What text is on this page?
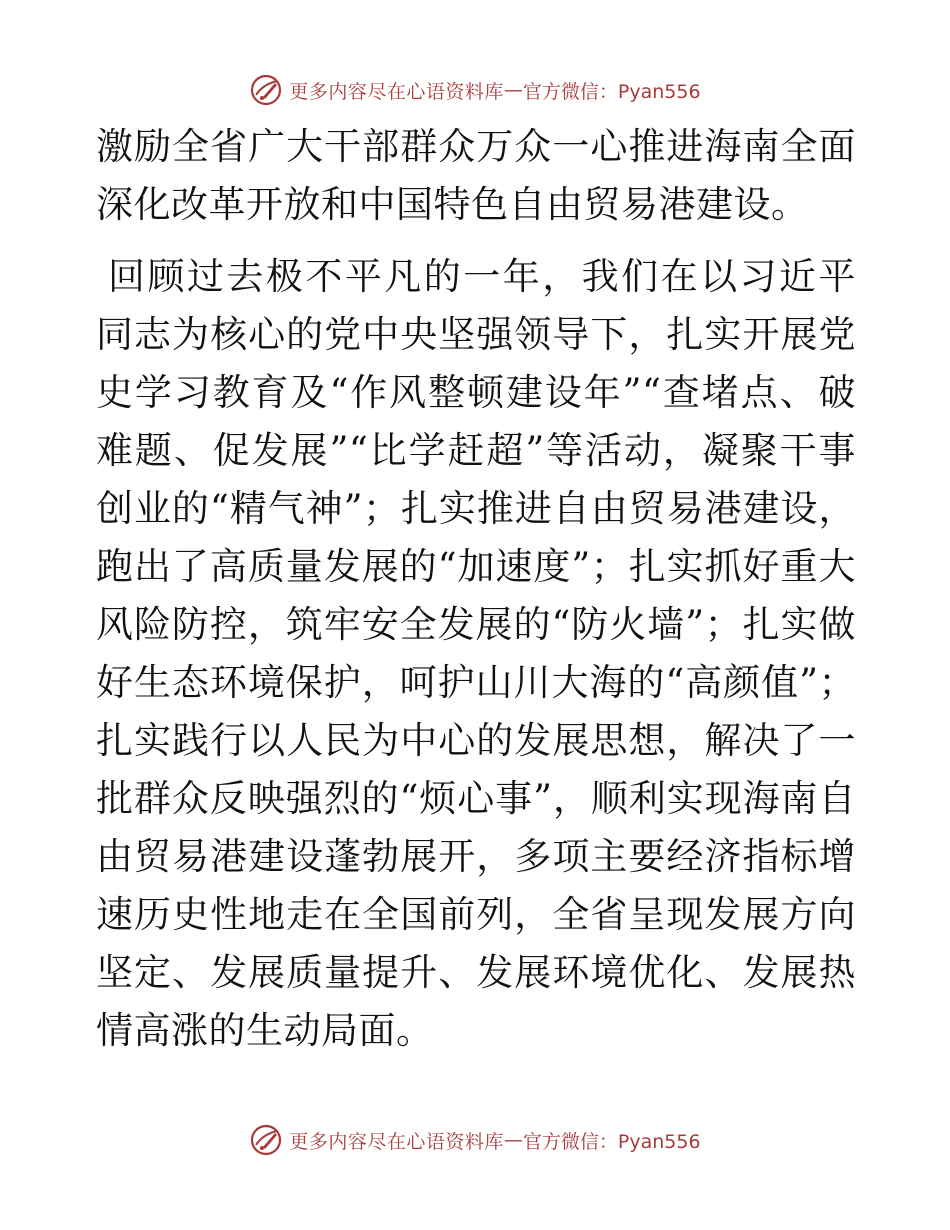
更多内容尽在心语资料库 — 官方微信：Pyan556

激励全省广大干部群众万众一心推进海南全面深化改革开放和中国特色自由贸易港建设。

回顾过去极不平凡的一年，我们在以习近平同志为核心的党中央坚强领导下，扎实开展党史学习教育及“作风整顿建设年”“查堵点、破难题、促发展”“比学赶超”等活动，凝聚干事创业的“精气神”；扎实推进自由贸易港建设，跑出了高质量发展的“加速度”；扎实抓好重大风险防控，筑牢安全发展的“防火墙”；扎实做好生态环境保护，呵护山川大海的“高颜值”；扎实践行以人民为中心的发展思想，解决了一批群众反映强烈的“烦心事”，顺利实现海南自由贸易港建设蓬勃展开，多项主要经济指标增速历史性地走在全国前列，全省呈现发展方向坚定、发展质量提升、发展环境优化、发展热情高涨的生动局面。

更多内容尽在心语资料库 — 官方微信：Pyan556
